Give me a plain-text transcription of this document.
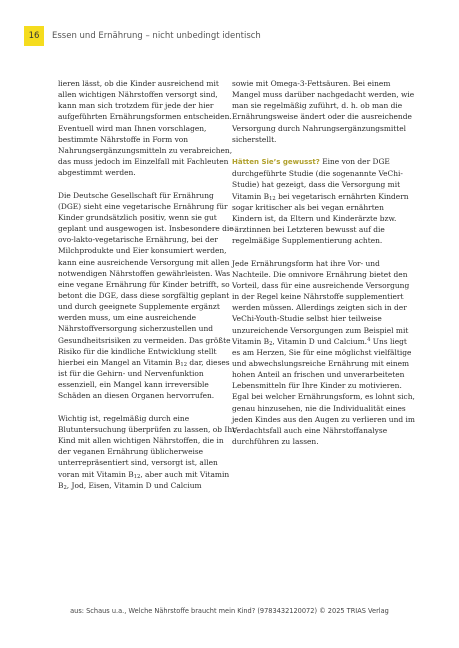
16	Essen und Ernährung – nicht unbedingt identisch

lieren lässt, ob die Kinder ausreichend mit allen wichtigen Nährstoffen versorgt sind, kann man sich trotzdem für jede der hier aufgeführten Ernährungsformen entscheiden. Eventuell wird man Ihnen vorschlagen, bestimmte Nährstoffe in Form von Nahrungsergänzungsmitteln zu verabreichen, das muss jedoch im Einzelfall mit Fachleuten abgestimmt werden.

Die Deutsche Gesellschaft für Ernährung (DGE) sieht eine vegetarische Ernährung für Kinder grundsätzlich positiv, wenn sie gut geplant und ausgewogen ist. Insbesondere die ovo-lakto-vegetarische Ernährung, bei der Milchprodukte und Eier konsumiert werden, kann eine ausreichende Versorgung mit allen notwendigen Nährstoffen gewährleisten. Was eine vegane Ernährung für Kinder betrifft, so betont die DGE, dass diese sorgfältig geplant und durch geeignete Supplemente ergänzt werden muss, um eine ausreichende Nährstoffversorgung sicherzustellen und Gesundheitsrisiken zu vermeiden. Das größte Risiko für die kindliche Entwicklung stellt hierbei ein Mangel an Vitamin $B_{12}$ dar, dieses ist für die Gehirn- und Nervenfunktion essenziell, ein Mangel kann irreversible Schäden an diesen Organen hervorrufen.

Wichtig ist, regelmäßig durch eine Blutuntersuchung überprüfen zu lassen, ob Ihr Kind mit allen wichtigen Nährstoffen, die in der veganen Ernährung üblicherweise unterrepräsentiert sind, versorgt ist, allen voran mit Vitamin $B_{12}$, aber auch mit Vitamin $B_2$, Jod, Eisen, Vitamin D und Calcium

sowie mit Omega-3-Fettsäuren. Bei einem Mangel muss darüber nachgedacht werden, wie man sie regelmäßig zuführt, d. h. ob man die Ernährungsweise ändert oder die ausreichende Versorgung durch Nahrungsergänzungsmittel sicherstellt.

Hätten Sie’s gewusst? Eine von der DGE durchgeführte Studie (die sogenannte VeChi-Studie) hat gezeigt, dass die Versorgung mit Vitamin $B_{12}$ bei vegetarisch ernährten Kindern sogar kritischer als bei vegan ernährten Kindern ist, da Eltern und Kinderärzte bzw. -ärztinnen bei Letzteren bewusst auf die regelmäßige Supplementierung achten.

Jede Ernährungsform hat ihre Vor- und Nachteile. Die omnivore Ernährung bietet den Vorteil, dass für eine ausreichende Versorgung in der Regel keine Nährstoffe supplementiert werden müssen. Allerdings zeigten sich in der VeChi-Youth-Studie selbst hier teilweise unzureichende Versorgungen zum Beispiel mit Vitamin $B_2$, Vitamin D und Calcium.$^4$ Uns liegt es am Herzen, Sie für eine möglichst vielfältige und abwechslungsreiche Ernährung mit einem hohen Anteil an frischen und unverarbeiteten Lebensmitteln für Ihre Kinder zu motivieren. Egal bei welcher Ernährungsform, es lohnt sich, genau hinzusehen, nie die Individualität eines jeden Kindes aus den Augen zu verlieren und im Verdachtsfall auch eine Nährstoffanalyse durchführen zu lassen.

aus: Schaus u.a., Welche Nährstoffe braucht mein Kind? (9783432120072) © 2025 TRIAS Verlag
